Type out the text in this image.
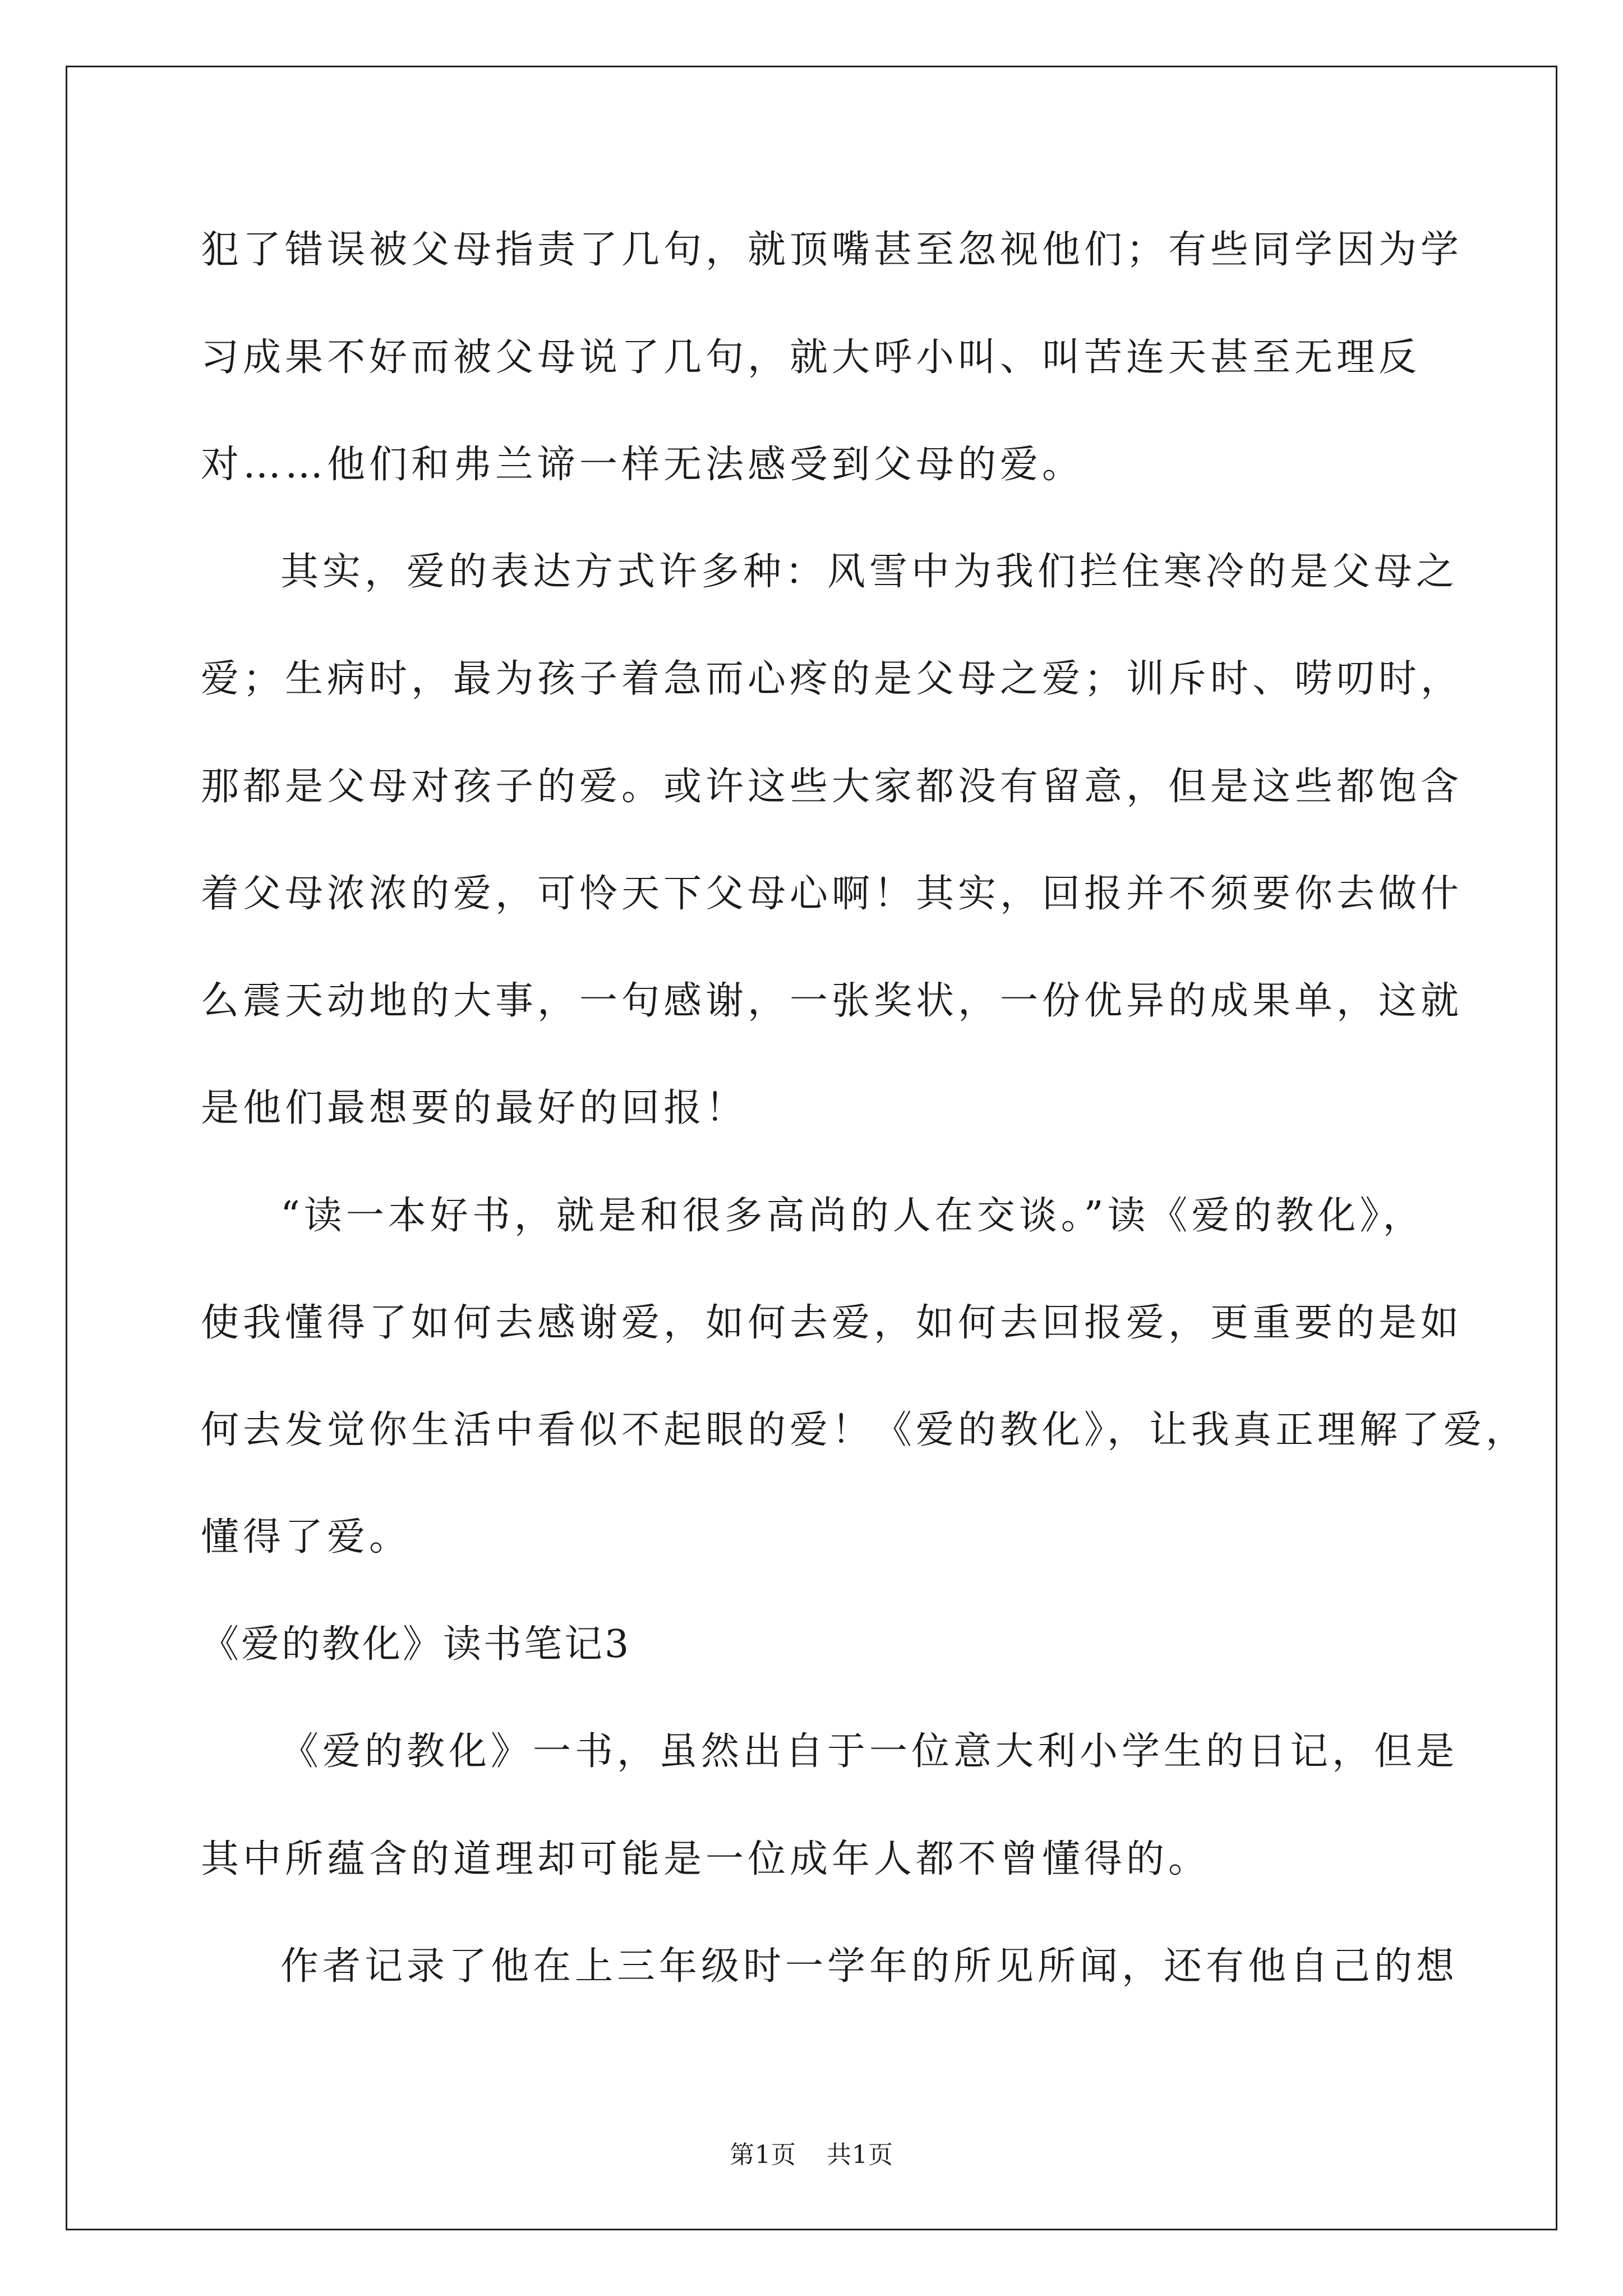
犯了错误被父母指责了几句，就顶嘴甚至忽视他们；有些同学因为学
习成果不好而被父母说了几句，就大呼小叫、叫苦连天甚至无理反
对……他们和弗兰谛一样无法感受到父母的爱。
其实，爱的表达方式许多种：风雪中为我们拦住寒冷的是父母之
爱；生病时，最为孩子着急而心疼的是父母之爱；训斥时、唠叨时，
那都是父母对孩子的爱。或许这些大家都没有留意，但是这些都饱含
着父母浓浓的爱，可怜天下父母心啊！其实，回报并不须要你去做什
么震天动地的大事，一句感谢，一张奖状，一份优异的成果单，这就
是他们最想要的最好的回报！
“读一本好书，就是和很多高尚的人在交谈。”读《爱的教化》，
使我懂得了如何去感谢爱，如何去爱，如何去回报爱，更重要的是如
何去发觉你生活中看似不起眼的爱！《爱的教化》，让我真正理解了爱，
懂得了爱。
《爱的教化》读书笔记3
《爱的教化》一书，虽然出自于一位意大利小学生的日记，但是
其中所蕴含的道理却可能是一位成年人都不曾懂得的。
作者记录了他在上三年级时一学年的所见所闻，还有他自己的想
第1页 共1页
